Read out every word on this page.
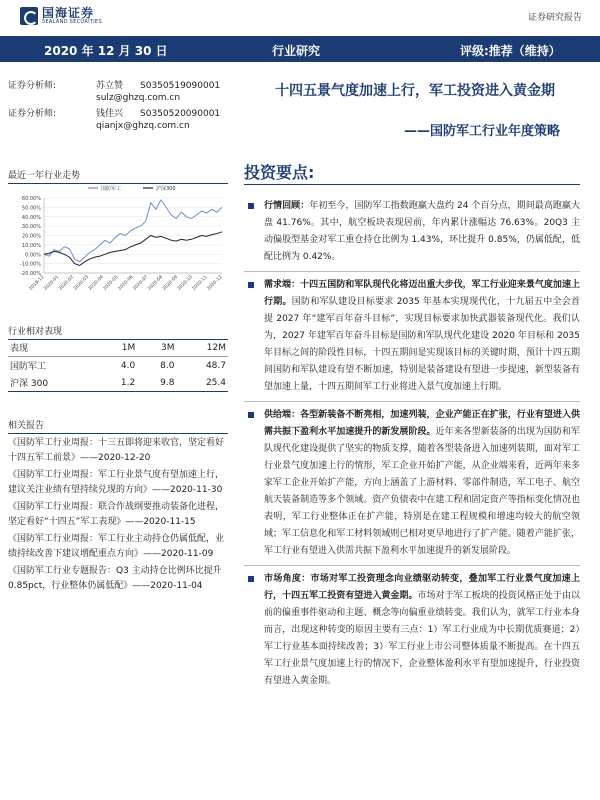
国海证券
SEALAND SECURITIES	证券研究报告
2020 年 12 月 30 日	行业研究	评级:推荐（维持）
证券分析师:	苏立赞 S0350519090001
sulz@ghzq.com.cn
证券分析师:	钱佳兴 S0350520090001
qianjx@ghzq.com.cn
十四五景气度加速上行，军工投资进入黄金期
——国防军工行业年度策略
最近一年行业走势
-20.00%
-10.00%
0.00%
10.00%
20.00%
30.00%
40.00%
50.00%
60.00%
2019-12
2020-01
2020-02
2020-03
2020-04
2020-05
2020-06
2020-07
2020-08
2020-09
2020-10
2020-11
2020-12
国防军工	沪深300
行业相对表现
表现	1M	3M	12M
国防军工	4.0	8.0	48.7
沪深 300	1.2	9.8	25.4
相关报告
《国防军工行业周报：十三五即将迎来收官，坚定看好十四五军工前景》——2020-12-20
《国防军工行业周报：军工行业景气度有望加速上行，建议关注业绩有望持续兑现的方向》——2020-11-30
《国防军工行业周报：联合作战纲要推动装备化进程，坚定看好“十四五”军工表现》——2020-11-15
《国防军工行业周报：军工行业主动持仓仍属低配，业绩持续改善下建议增配重点方向》——2020-11-09
《国防军工行业专题报告：Q3 主动持仓比例环比提升 0.85pct，行业整体仍属低配》——2020-11-04
投资要点:
行情回顾：年初至今，国防军工指数跑赢大盘约 24 个百分点，期间最高跑赢大盘 41.76%。其中，航空板块表现居前，年内累计涨幅达 76.63%。20Q3 主动偏股型基金对军工重仓持仓比例为 1.43%，环比提升 0.85%，仍属低配，低配比例为 0.42%。
需求端：十四五国防和军队现代化将迈出重大步伐，军工行业迎来景气度加速上行期。国防和军队建设目标要求 2035 年基本实现现代化，十九届五中全会首提 2027 年“建军百年奋斗目标”，实现目标要求加快武器装备现代化。我们认为，2027 年建军百年奋斗目标是国防和军队现代化建设 2020 年目标和 2035 年目标之间的阶段性目标，十四五期间是实现该目标的关键时期，预计十四五期间国防和军队建设有望不断加速，特别是装备建设有望进一步提速，新型装备有望加速上量，十四五期间军工行业将进入景气度加速上行期。
供给端：各型新装备不断亮相，加速列装，企业产能正在扩张，行业有望进入供需共振下盈利水平加速提升的新发展阶段。近年来各型新装备的出现为国防和军队现代化建设提供了坚实的物质支撑，随着各型装备进入加速列装期，面对军工行业景气度加速上行的情形，军工企业开始扩产能，从企业端来看，近两年来多家军工企业开始扩产能，方向上涵盖了上游材料、零部件制造，军工电子、航空航天装备制造等多个领域。资产负债表中在建工程和固定资产等指标变化情况也表明，军工行业整体正在扩产能，特别是在建工程规模和增速均较大的航空领域；军工信息化和军工材料领域则已相对更早地进行了扩产能。随着产能扩张，军工行业有望进入供需共振下盈利水平加速提升的新发展阶段。
市场角度：市场对军工投资理念向业绩驱动转变，叠加军工行业景气度加速上行，十四五军工投资有望进入黄金期。市场对于军工板块的投资风格正处于由以前的偏重事件驱动和主题、概念等向偏重业绩转变。我们认为，就军工行业本身而言，出现这种转变的原因主要有三点：1）军工行业成为中长期优质赛道；2）军工行业基本面持续改善；3）军工行业上市公司整体质量不断提高。在十四五军工行业景气度加速上行的情况下，企业整体盈利水平有望加速提升，行业投资有望进入黄金期。
